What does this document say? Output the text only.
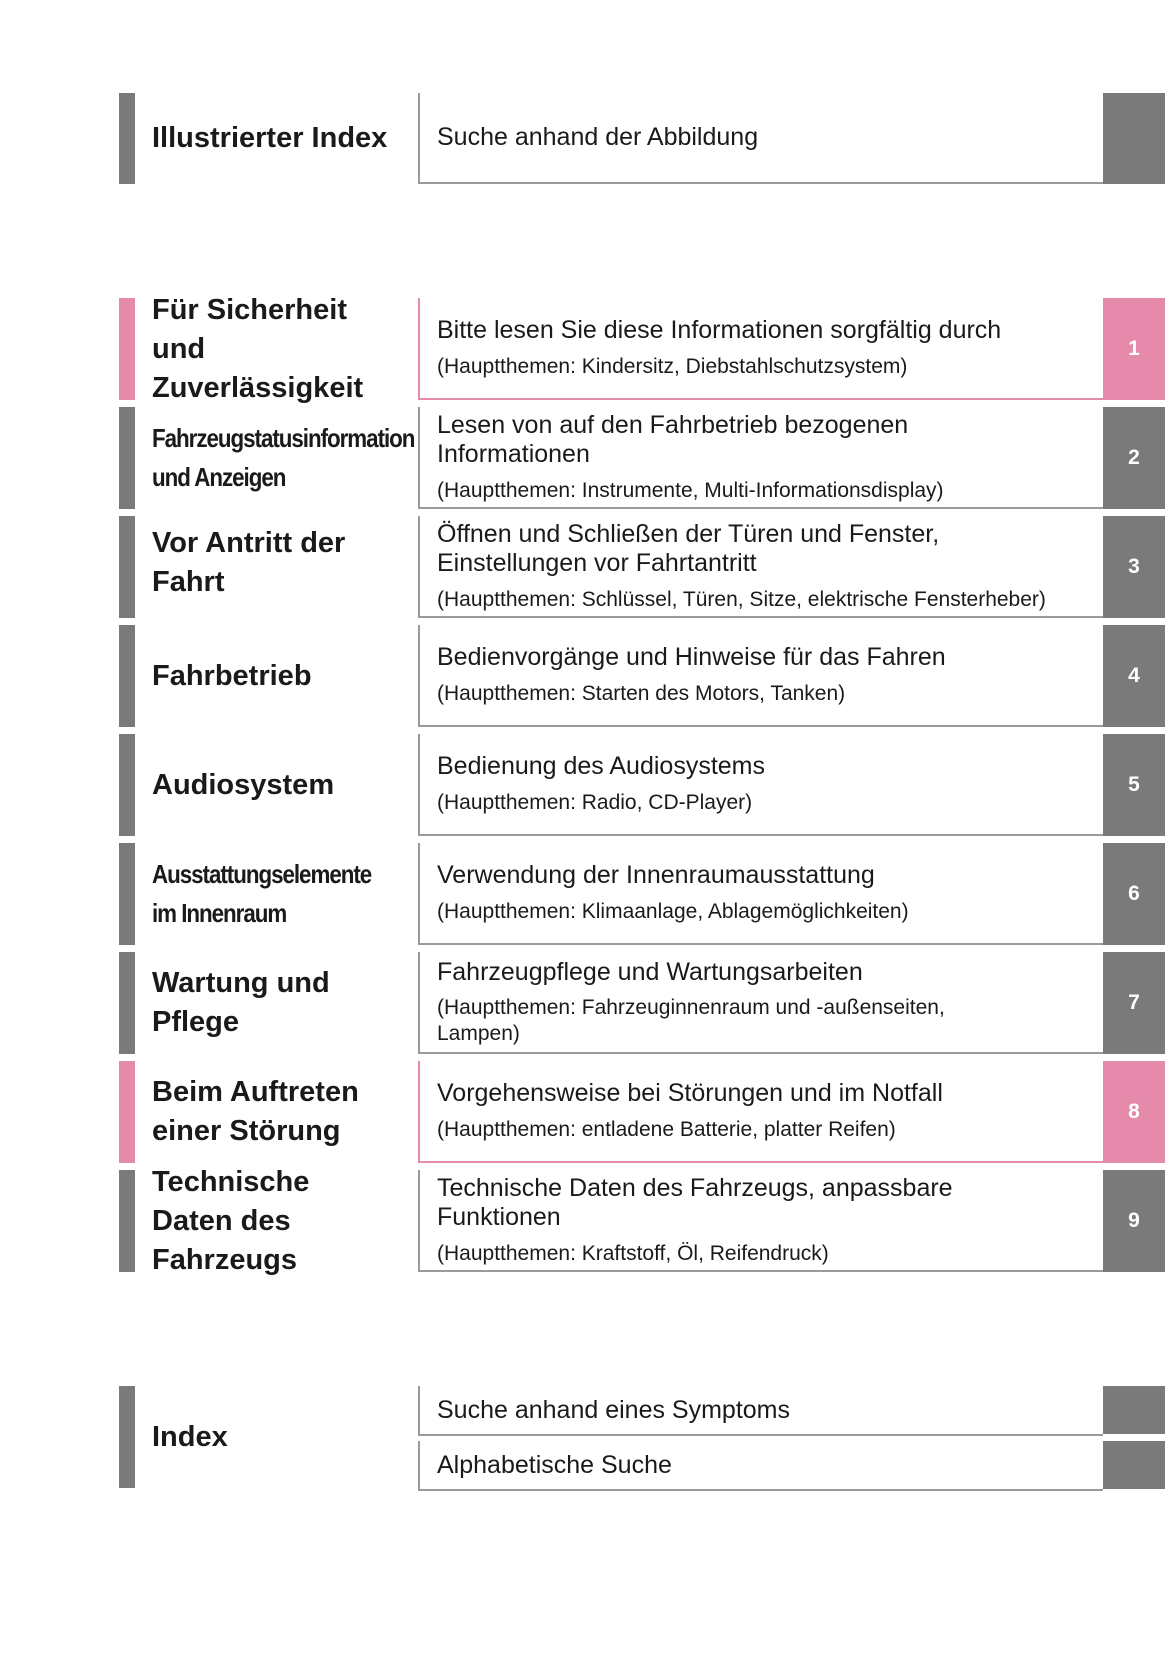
Illustrierter Index Suche anhand der Abbildung
Für Sicherheit
und
Zuverlässigkeit
Bitte lesen Sie diese Informationen sorgfältig durch
(Hauptthemen: Kindersitz, Diebstahlschutzsystem)
1
Fahrzeugstatusinformation
und Anzeigen
Lesen von auf den Fahrbetrieb bezogenen Informationen
(Hauptthemen: Instrumente, Multi-Informationsdisplay)
2
Vor Antritt der
Fahrt
Öffnen und Schließen der Türen und Fenster, Einstellungen vor Fahrtantritt
(Hauptthemen: Schlüssel, Türen, Sitze, elektrische Fensterheber)
3
Fahrbetrieb
Bedienvorgänge und Hinweise für das Fahren
(Hauptthemen: Starten des Motors, Tanken)
4
Audiosystem
Bedienung des Audiosystems
(Hauptthemen: Radio, CD-Player)
5
Ausstattungselemente
im Innenraum
Verwendung der Innenraumausstattung
(Hauptthemen: Klimaanlage, Ablagemöglichkeiten)
6
Wartung und
Pflege
Fahrzeugpflege und Wartungsarbeiten
(Hauptthemen: Fahrzeuginnenraum und -außenseiten, Lampen)
7
Beim Auftreten
einer Störung
Vorgehensweise bei Störungen und im Notfall
(Hauptthemen: entladene Batterie, platter Reifen)
8
Technische
Daten des
Fahrzeugs
Technische Daten des Fahrzeugs, anpassbare Funktionen
(Hauptthemen: Kraftstoff, Öl, Reifendruck)
9
Index
Suche anhand eines Symptoms
Alphabetische Suche
